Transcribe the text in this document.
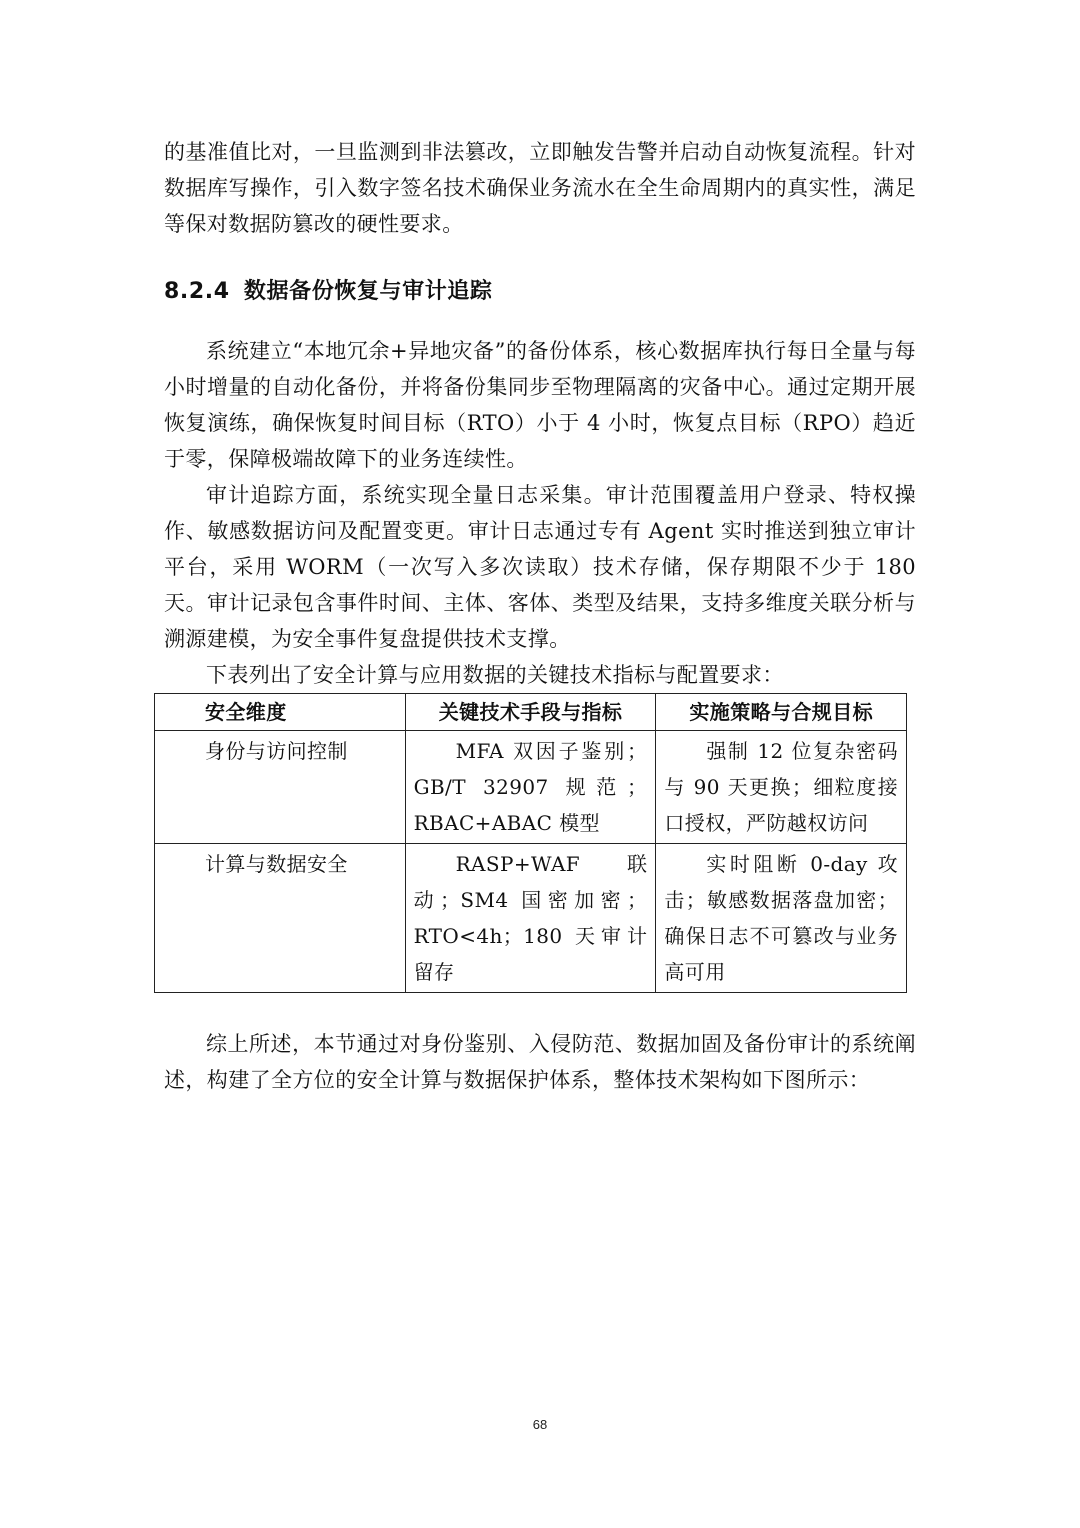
的基准值比对，一旦监测到非法篡改，立即触发告警并启动自动恢复流程。针对数据库写操作，引入数字签名技术确保业务流水在全生命周期内的真实性，满足等保对数据防篡改的硬性要求。

8.2.4 数据备份恢复与审计追踪

系统建立“本地冗余+异地灾备”的备份体系，核心数据库执行每日全量与每小时增量的自动化备份，并将备份集同步至物理隔离的灾备中心。通过定期开展恢复演练，确保恢复时间目标（RTO）小于 4 小时，恢复点目标（RPO）趋近于零，保障极端故障下的业务连续性。

审计追踪方面，系统实现全量日志采集。审计范围覆盖用户登录、特权操作、敏感数据访问及配置变更。审计日志通过专有 Agent 实时推送到独立审计平台，采用 WORM（一次写入多次读取）技术存储，保存期限不少于 180 天。审计记录包含事件时间、主体、客体、类型及结果，支持多维度关联分析与溯源建模，为安全事件复盘提供技术支撑。

下表列出了安全计算与应用数据的关键技术指标与配置要求：

安全维度	关键技术手段与指标	实施策略与合规目标
身份与访问控制	MFA 双因子鉴别；GB/T 32907 规范；RBAC+ABAC 模型	强制 12 位复杂密码与 90 天更换；细粒度接口授权，严防越权访问
计算与数据安全	RASP+WAF 联动；SM4 国密加密；RTO<4h；180 天审计留存	实时阻断 0-day 攻击；敏感数据落盘加密；确保日志不可篡改与业务高可用

综上所述，本节通过对身份鉴别、入侵防范、数据加固及备份审计的系统阐述，构建了全方位的安全计算与数据保护体系，整体技术架构如下图所示：

68
